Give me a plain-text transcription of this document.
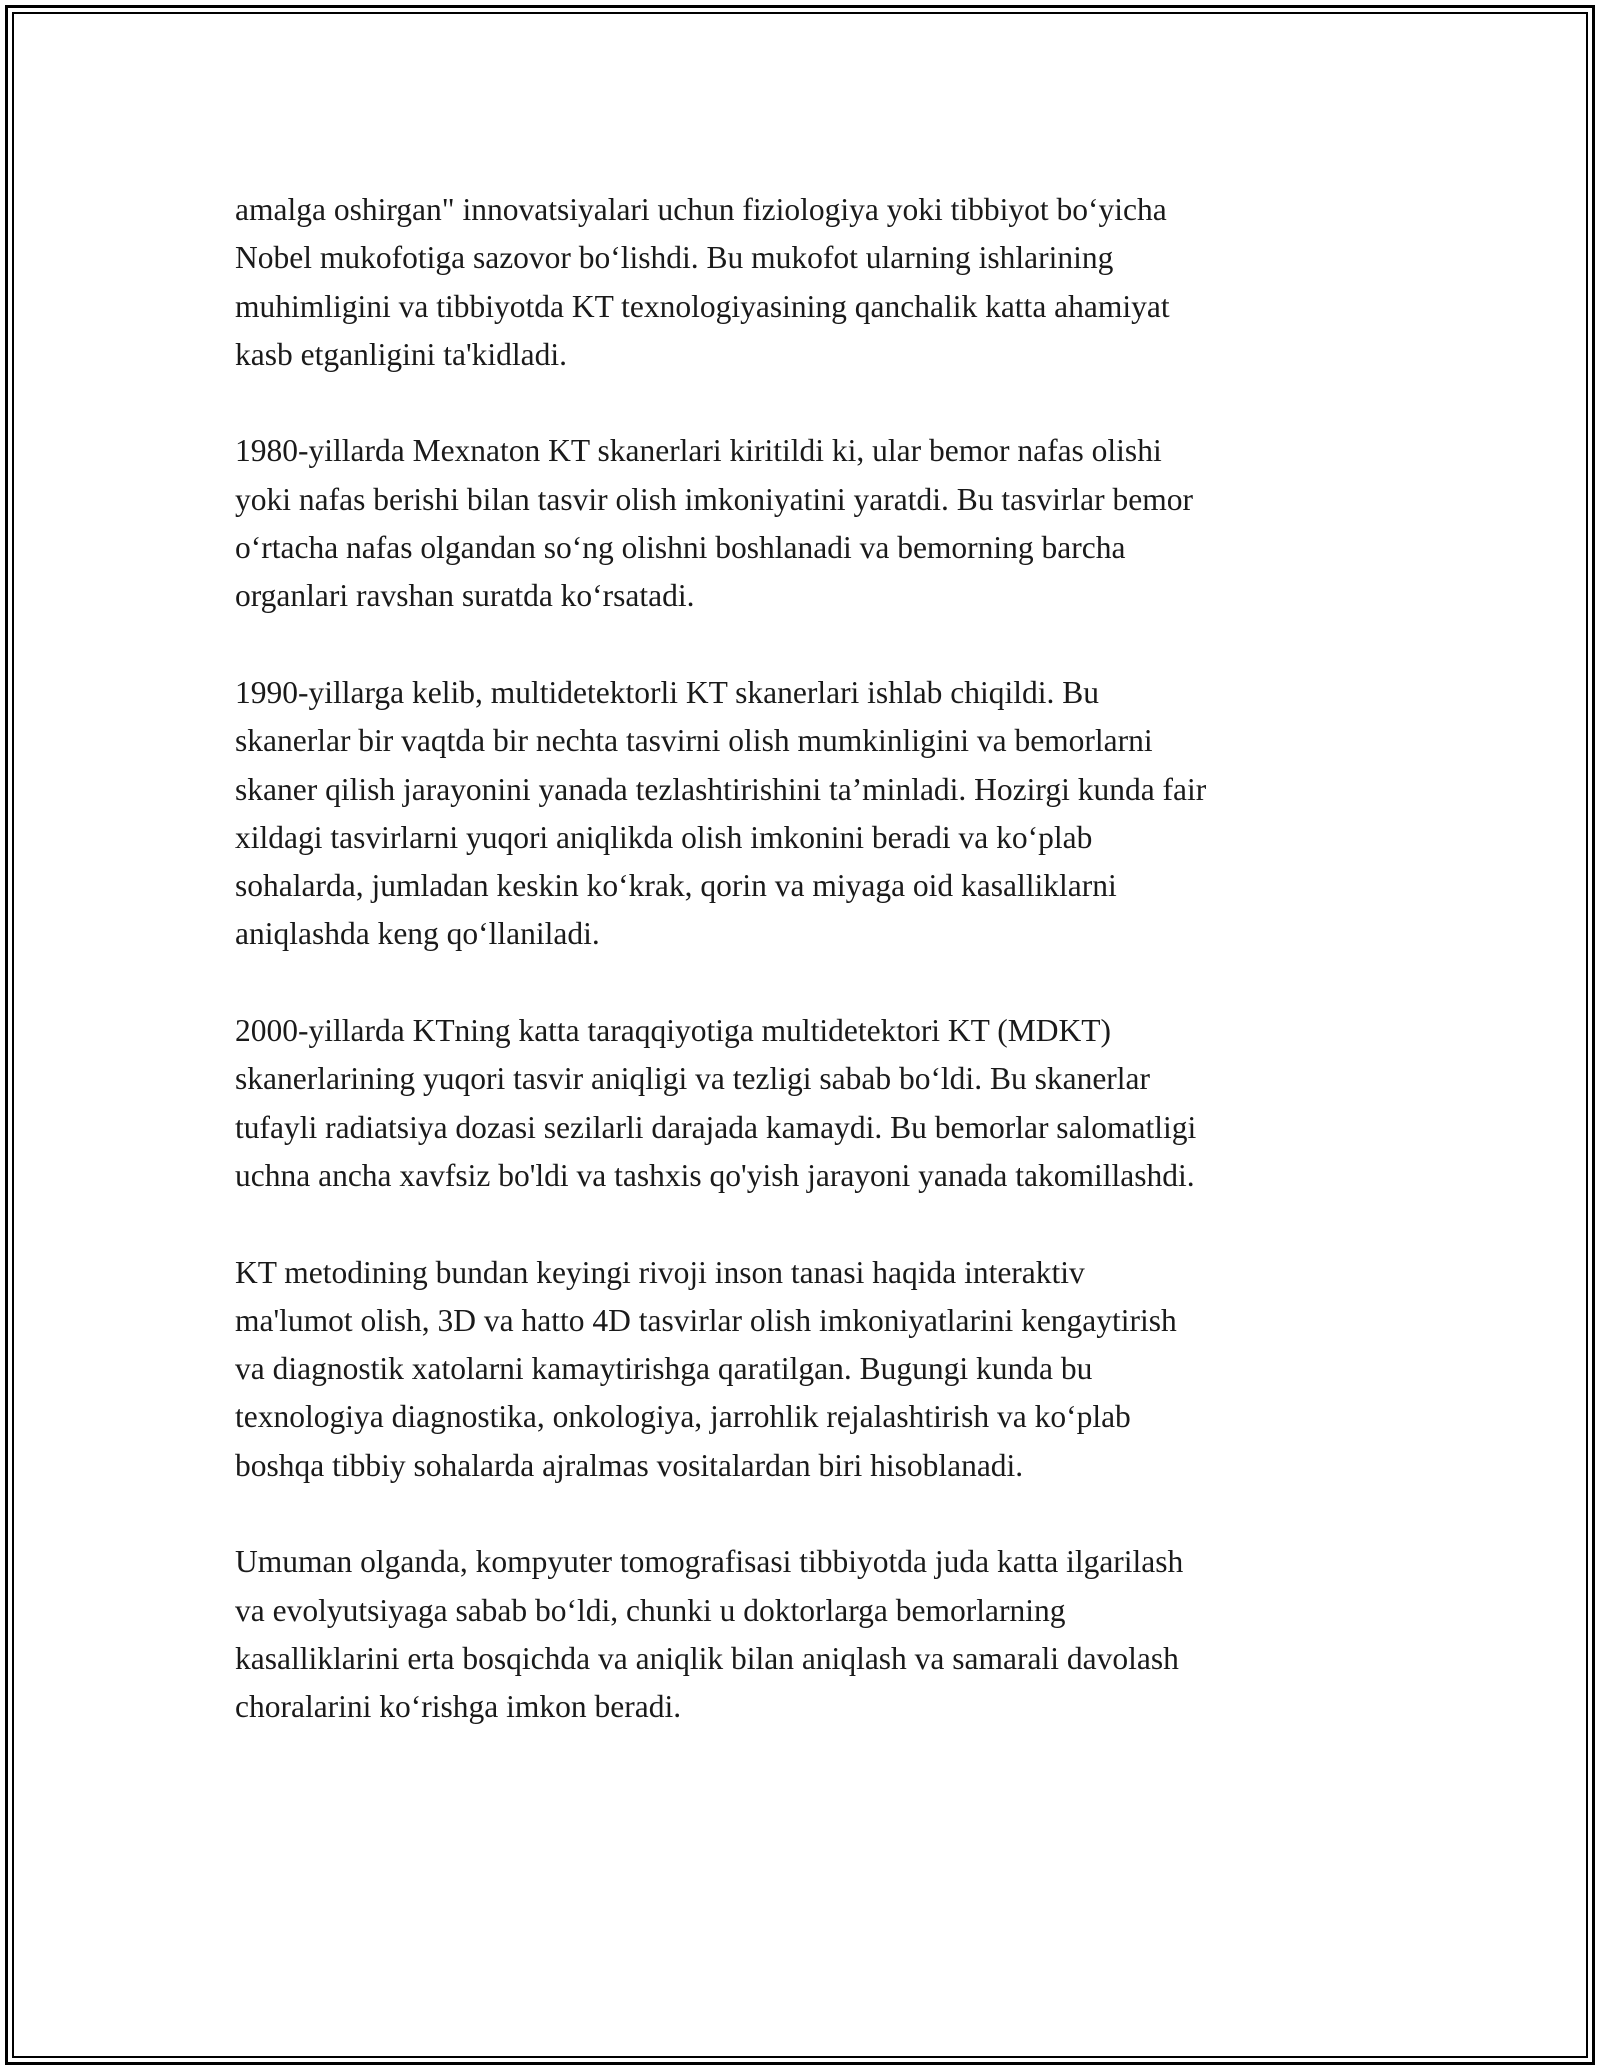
amalga oshirgan" innovatsiyalari uchun fiziologiya yoki tibbiyot bo‘yicha
Nobel mukofotiga sazovor bo‘lishdi. Bu mukofot ularning ishlarining
muhimligini va tibbiyotda KT texnologiyasining qanchalik katta ahamiyat
kasb etganligini ta'kidladi.

1980-yillarda Mexnaton KT skanerlari kiritildi ki, ular bemor nafas olishi
yoki nafas berishi bilan tasvir olish imkoniyatini yaratdi. Bu tasvirlar bemor
o‘rtacha nafas olgandan so‘ng olishni boshlanadi va bemorning barcha
organlari ravshan suratda ko‘rsatadi.

1990-yillarga kelib, multidetektorli KT skanerlari ishlab chiqildi. Bu
skanerlar bir vaqtda bir nechta tasvirni olish mumkinligini va bemorlarni
skaner qilish jarayonini yanada tezlashtirishini ta’minladi. Hozirgi kunda fair
xildagi tasvirlarni yuqori aniqlikda olish imkonini beradi va ko‘plab
sohalarda, jumladan keskin ko‘krak, qorin va miyaga oid kasalliklarni
aniqlashda keng qo‘llaniladi.

2000-yillarda KTning katta taraqqiyotiga multidetektori KT (MDKT)
skanerlarining yuqori tasvir aniqligi va tezligi sabab bo‘ldi. Bu skanerlar
tufayli radiatsiya dozasi sezilarli darajada kamaydi. Bu bemorlar salomatligi
uchna ancha xavfsiz bo'ldi va tashxis qo'yish jarayoni yanada takomillashdi.

KT metodining bundan keyingi rivoji inson tanasi haqida interaktiv
ma'lumot olish, 3D va hatto 4D tasvirlar olish imkoniyatlarini kengaytirish
va diagnostik xatolarni kamaytirishga qaratilgan. Bugungi kunda bu
texnologiya diagnostika, onkologiya, jarrohlik rejalashtirish va ko‘plab
boshqa tibbiy sohalarda ajralmas vositalardan biri hisoblanadi.

Umuman olganda, kompyuter tomografisasi tibbiyotda juda katta ilgarilash
va evolyutsiyaga sabab bo‘ldi, chunki u doktorlarga bemorlarning
kasalliklarini erta bosqichda va aniqlik bilan aniqlash va samarali davolash
choralarini ko‘rishga imkon beradi.
